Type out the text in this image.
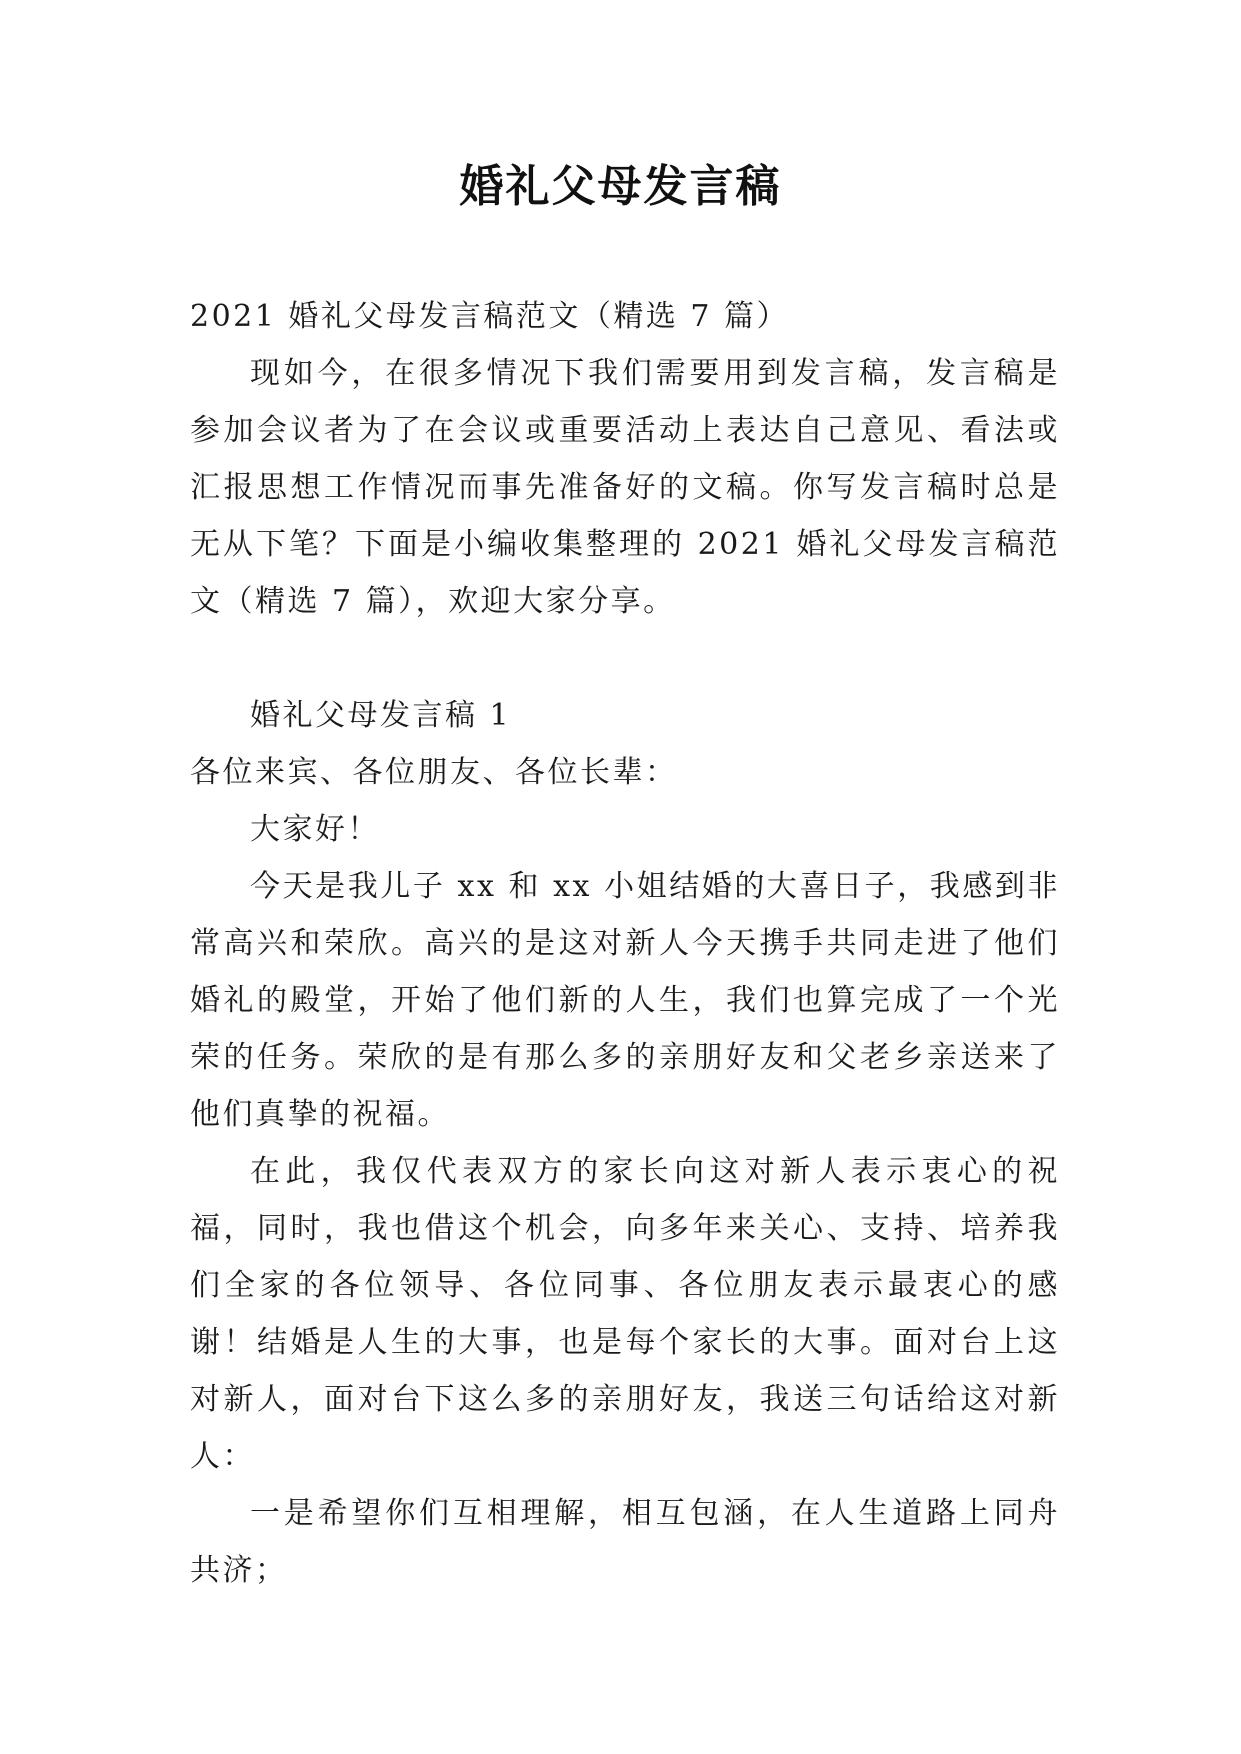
婚礼父母发言稿

2021 婚礼父母发言稿范文（精选 7 篇）

现如今，在很多情况下我们需要用到发言稿，发言稿是参加会议者为了在会议或重要活动上表达自己意见、看法或汇报思想工作情况而事先准备好的文稿。你写发言稿时总是无从下笔？下面是小编收集整理的 2021 婚礼父母发言稿范文（精选 7 篇），欢迎大家分享。

婚礼父母发言稿 1

各位来宾、各位朋友、各位长辈：

大家好！

今天是我儿子 xx 和 xx 小姐结婚的大喜日子，我感到非常高兴和荣欣。高兴的是这对新人今天携手共同走进了他们婚礼的殿堂，开始了他们新的人生，我们也算完成了一个光荣的任务。荣欣的是有那么多的亲朋好友和父老乡亲送来了他们真挚的祝福。

在此，我仅代表双方的家长向这对新人表示衷心的祝福，同时，我也借这个机会，向多年来关心、支持、培养我们全家的各位领导、各位同事、各位朋友表示最衷心的感谢！结婚是人生的大事，也是每个家长的大事。面对台上这对新人，面对台下这么多的亲朋好友，我送三句话给这对新人：

一是希望你们互相理解，相互包涵，在人生道路上同舟共济；
